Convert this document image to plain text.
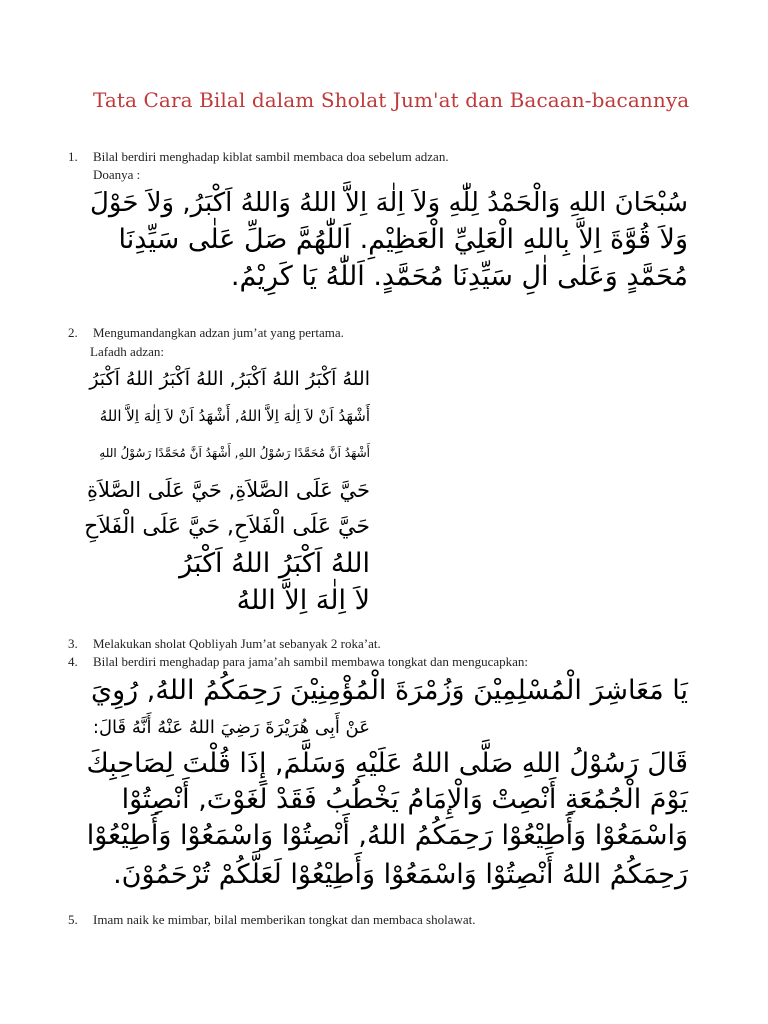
Tata Cara Bilal dalam Sholat Jum'at dan Bacaan-bacannya
1. Bilal berdiri menghadap kiblat sambil membaca doa sebelum adzan.
Doanya :
سُبْحَانَ اللهِ وَالْحَمْدُ لِلّٰهِ وَلاَ اِلٰهَ اِلاَّ اللهُ وَاللهُ اَكْبَرُ, وَلاَ حَوْلَ
وَلاَ قُوَّةَ اِلاَّ بِاللهِ الْعَلِيِّ الْعَظِيْمِ. اَللّٰهُمَّ صَلِّ عَلٰى سَيِّدِنَا
مُحَمَّدٍ وَعَلٰى اٰلِ سَيِّدِنَا مُحَمَّدٍ. اَللّٰهُ يَا كَرِيْمُ.
2. Mengumandangkan adzan jum’at yang pertama.
Lafadh adzan:
اللهُ اَكْبَرُ اللهُ اَكْبَرُ, اللهُ اَكْبَرُ اللهُ اَكْبَرُ
أَشْهَدُ اَنْ لاَ اِلٰهَ اِلاَّ اللهُ, أَشْهَدُ اَنْ لاَ اِلٰهَ اِلاَّ اللهُ
أَشْهَدُ اَنَّ مُحَمَّدًا رَسُوْلُ اللهِ, أَشْهَدُ اَنَّ مُحَمَّدًا رَسُوْلُ اللهِ
حَيَّ عَلَى الصَّلاَةِ, حَيَّ عَلَى الصَّلاَةِ
حَيَّ عَلَى الْفَلاَحِ, حَيَّ عَلَى الْفَلاَحِ
اللهُ اَكْبَرُ اللهُ اَكْبَرُ
لاَ اِلٰهَ اِلاَّ اللهُ
3. Melakukan sholat Qobliyah Jum’at sebanyak 2 roka’at.
4. Bilal berdiri menghadap para jama’ah sambil membawa tongkat dan mengucapkan:
يَا مَعَاشِرَ الْمُسْلِمِيْنَ وَزُمْرَةَ الْمُؤْمِنِيْنَ رَحِمَكُمُ اللهُ, رُوِيَ
عَنْ أَبِى هُرَيْرَةَ رَضِيَ اللهُ عَنْهُ أَنَّهُ قَالَ:
قَالَ رَسُوْلُ اللهِ صَلَّى اللهُ عَلَيْهِ وَسَلَّمَ, إِذَا قُلْتَ لِصَاحِبِكَ
يَوْمَ الْجُمُعَةِ أَنْصِتْ وَالْإِمَامُ يَخْطُبُ فَقَدْ لَغَوْتَ, أَنْصِتُوْا
وَاسْمَعُوْا وَأَطِيْعُوْا رَحِمَكُمُ اللهُ, أَنْصِتُوْا وَاسْمَعُوْا وَأَطِيْعُوْا
رَحِمَكُمُ اللهُ أَنْصِتُوْا وَاسْمَعُوْا وَأَطِيْعُوْا لَعَلَّكُمْ تُرْحَمُوْنَ.
5. Imam naik ke mimbar, bilal memberikan tongkat dan membaca sholawat.
